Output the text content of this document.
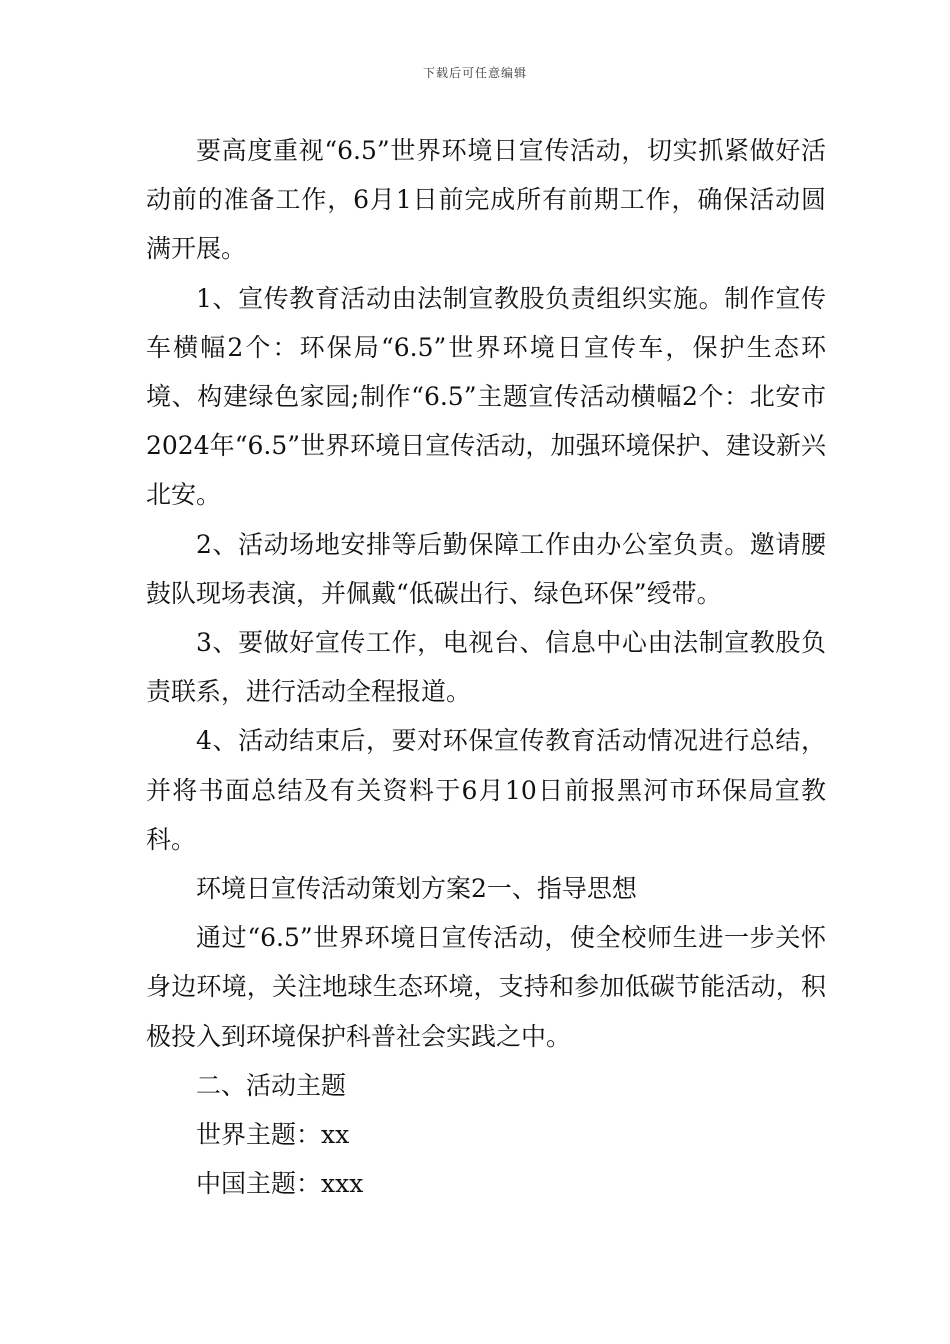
下载后可任意编辑

要高度重视“6.5”世界环境日宣传活动，切实抓紧做好活动前的准备工作，6月1日前完成所有前期工作，确保活动圆满开展。

1、宣传教育活动由法制宣教股负责组织实施。制作宣传车横幅2个：环保局“6.5”世界环境日宣传车，保护生态环境、构建绿色家园;制作“6.5”主题宣传活动横幅2个：北安市2024年“6.5”世界环境日宣传活动，加强环境保护、建设新兴北安。

2、活动场地安排等后勤保障工作由办公室负责。邀请腰鼓队现场表演，并佩戴“低碳出行、绿色环保”绶带。

3、要做好宣传工作，电视台、信息中心由法制宣教股负责联系，进行活动全程报道。

4、活动结束后，要对环保宣传教育活动情况进行总结，并将书面总结及有关资料于6月10日前报黑河市环保局宣教科。

环境日宣传活动策划方案2一、指导思想

通过“6.5”世界环境日宣传活动，使全校师生进一步关怀身边环境，关注地球生态环境，支持和参加低碳节能活动，积极投入到环境保护科普社会实践之中。

二、活动主题

世界主题：xx

中国主题：xxx
